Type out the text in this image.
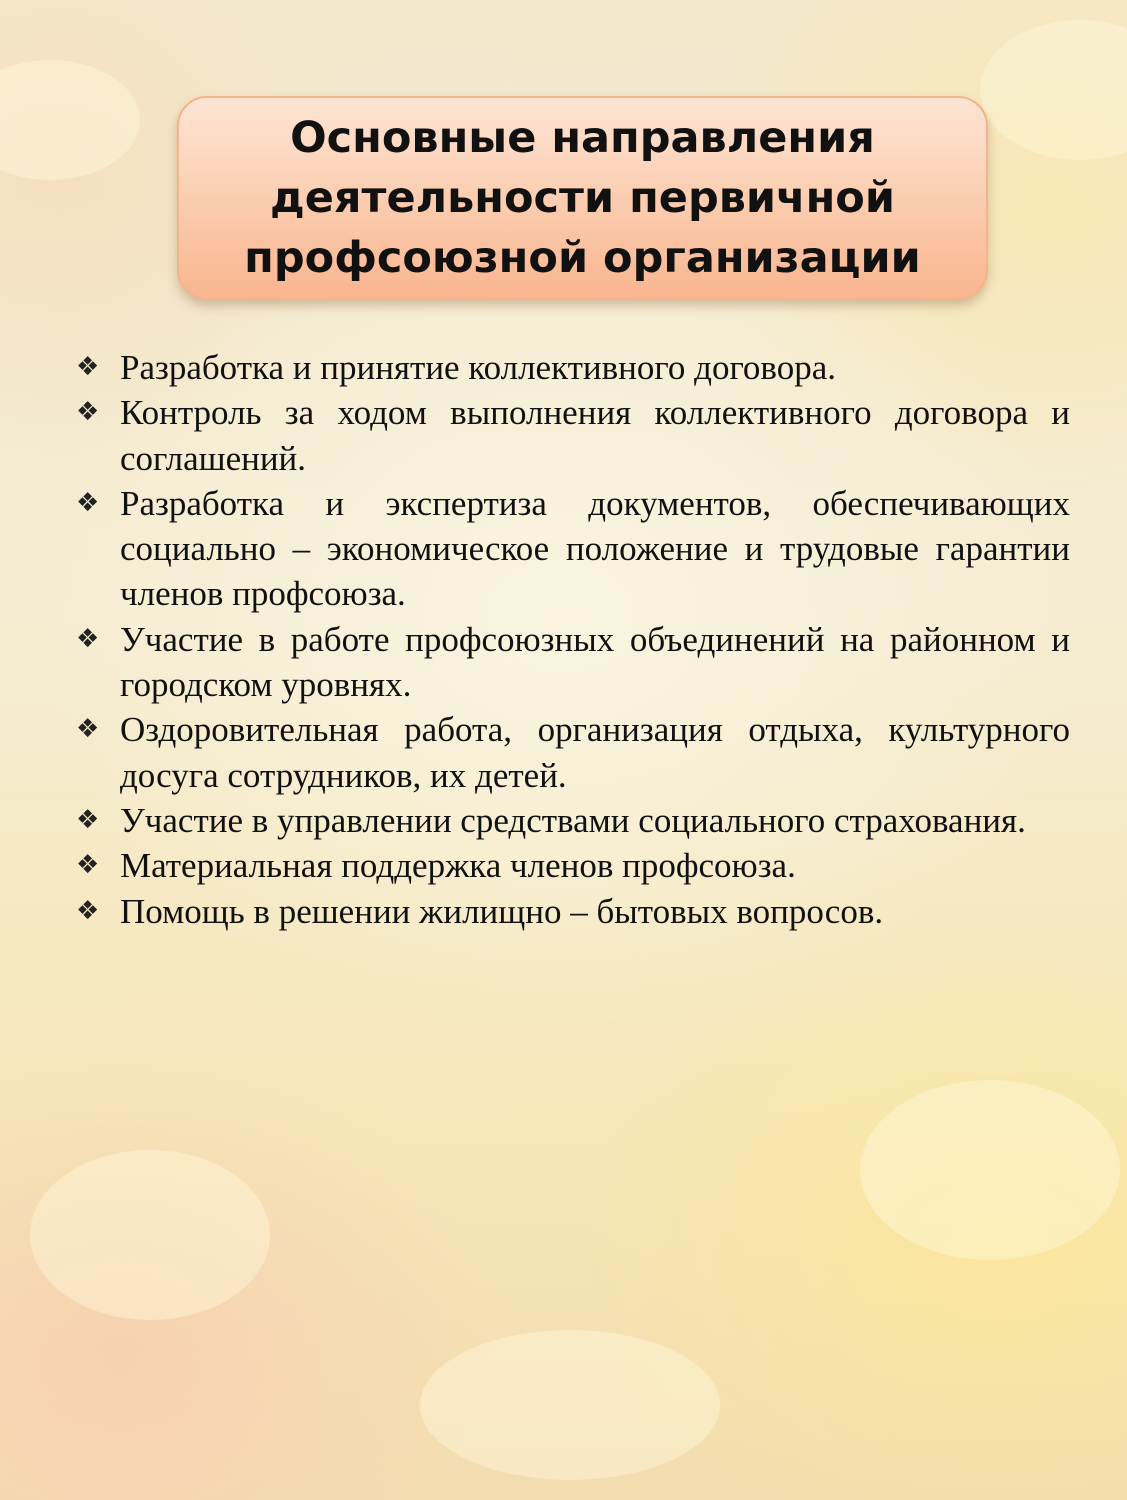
Основные направления
деятельности первичной
профсоюзной организации
❖ Разработка и принятие коллективного договора.
❖ Контроль за ходом выполнения коллективного договора и соглашений.
❖ Разработка и экспертиза документов, обеспечивающих социально – экономическое положение и трудовые гарантии членов профсоюза.
❖ Участие в работе профсоюзных объединений на районном и городском уровнях.
❖ Оздоровительная работа, организация отдыха, культурного досуга сотрудников, их детей.
❖ Участие в управлении средствами социального страхования.
❖ Материальная поддержка членов профсоюза.
❖ Помощь в решении жилищно – бытовых вопросов.
